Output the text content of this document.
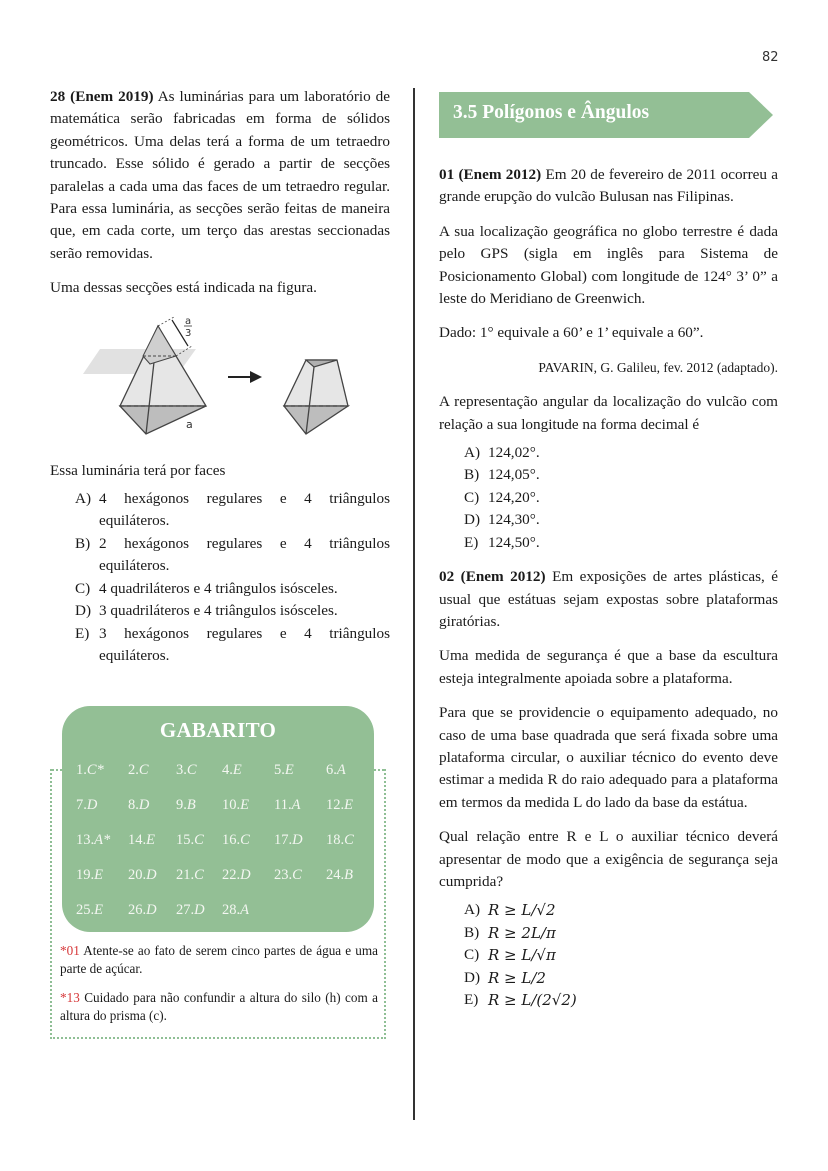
82

28 (Enem 2019) As luminárias para um laboratório de matemática serão fabricadas em forma de sólidos geométricos. Uma delas terá a forma de um tetraedro truncado. Esse sólido é gerado a partir de secções paralelas a cada uma das faces de um tetraedro regular. Para essa luminária, as secções serão feitas de maneira que, em cada corte, um terço das arestas seccionadas serão removidas.

Uma dessas secções está indicada na figura.

a
3
a

Essa luminária terá por faces

A) 4 hexágonos regulares e 4 triângulos equiláteros.
B) 2 hexágonos regulares e 4 triângulos equiláteros.
C) 4 quadriláteros e 4 triângulos isósceles.
D) 3 quadriláteros e 4 triângulos isósceles.
E) 3 hexágonos regulares e 4 triângulos equiláteros.
GABARITO
1.C*	2.C	3.C	4.E	5.E	6.A
7.D	8.D	9.B	10.E	11.A	12.E
13.A*	14.E	15.C	16.C	17.D	18.C
19.E	20.D	21.C	22.D	23.C	24.B
25.E	26.D	27.D	28.A

*01 Atente-se ao fato de serem cinco partes de água e uma parte de açúcar.

*13 Cuidado para não confundir a altura do silo (h) com a altura do prisma (c).

3.5 Polígonos e Ângulos

01 (Enem 2012) Em 20 de fevereiro de 2011 ocorreu a grande erupção do vulcão Bulusan nas Filipinas.

A sua localização geográfica no globo terrestre é dada pelo GPS (sigla em inglês para Sistema de Posicionamento Global) com longitude de 124° 3’ 0” a leste do Meridiano de Greenwich.

Dado: 1° equivale a 60’ e 1’ equivale a 60”.

PAVARIN, G. Galileu, fev. 2012 (adaptado).

A representação angular da localização do vulcão com relação a sua longitude na forma decimal é

A) 124,02°.
B) 124,05°.
C) 124,20°.
D) 124,30°.
E) 124,50°.

02 (Enem 2012) Em exposições de artes plásticas, é usual que estátuas sejam expostas sobre plataformas giratórias.

Uma medida de segurança é que a base da escultura esteja integralmente apoiada sobre a plataforma.

Para que se providencie o equipamento adequado, no caso de uma base quadrada que será fixada sobre uma plataforma circular, o auxiliar técnico do evento deve estimar a medida R do raio adequado para a plataforma em termos da medida L do lado da base da estátua.

Qual relação entre R e L o auxiliar técnico deverá apresentar de modo que a exigência de segurança seja cumprida?

A) R ≥ L/√2
B) R ≥ 2L/π
C) R ≥ L/√π
D) R ≥ L/2
E) R ≥ L/(2√2)
